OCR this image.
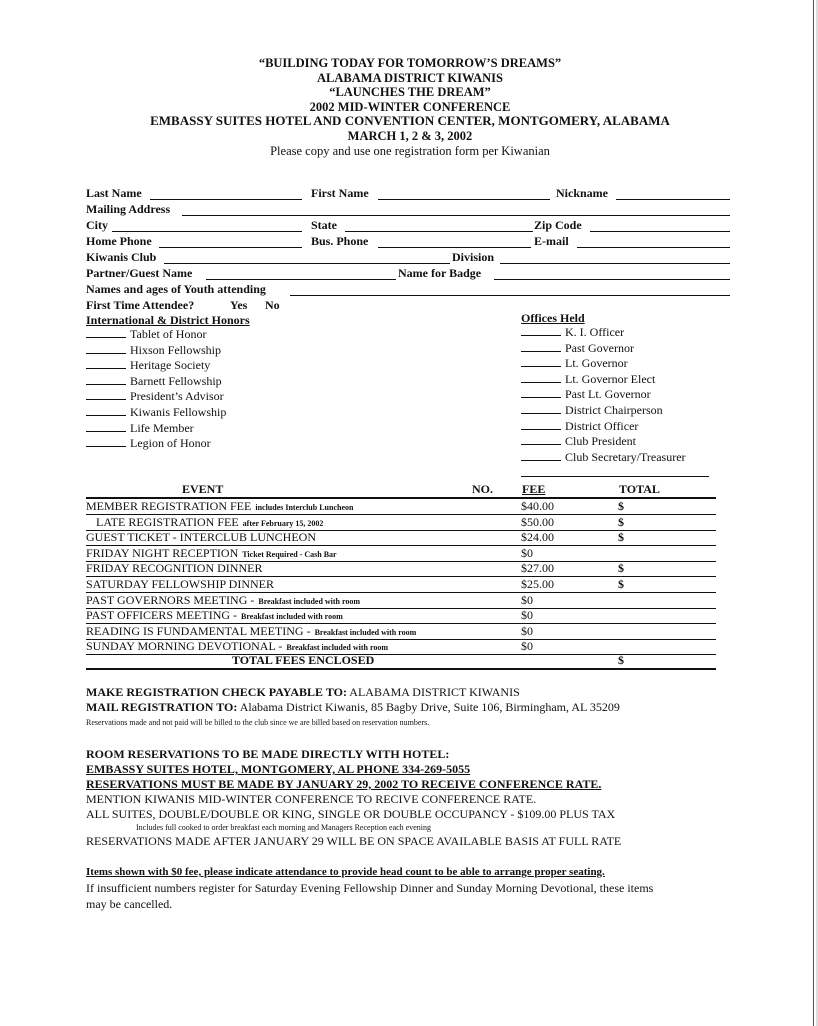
“BUILDING TODAY FOR TOMORROW’S DREAMS”
ALABAMA DISTRICT KIWANIS
“LAUNCHES THE DREAM”
2002 MID-WINTER CONFERENCE
EMBASSY SUITES HOTEL AND CONVENTION CENTER, MONTGOMERY, ALABAMA
MARCH 1, 2 & 3, 2002
Please copy and use one registration form per Kiwanian
Last Name	First Name	Nickname
Mailing Address
City	State	Zip Code
Home Phone	Bus. Phone	E-mail
Kiwanis Club	Division
Partner/Guest Name	Name for Badge
Names and ages of Youth attending
First Time Attendee?	Yes No
International & District Honors
Tablet of Honor
Hixson Fellowship
Heritage Society
Barnett Fellowship
President’s Advisor
Kiwanis Fellowship
Life Member
Legion of Honor
Offices Held
K. I. Officer
Past Governor
Lt. Governor
Lt. Governor Elect
Past Lt. Governor
District Chairperson
District Officer
Club President
Club Secretary/Treasurer
EVENT	NO. FEE	TOTAL
MEMBER REGISTRATION FEE includes Interclub Luncheon	$40.00	$
LATE REGISTRATION FEE after February 15, 2002	$50.00	$
GUEST TICKET - INTERCLUB LUNCHEON	$24.00	$
FRIDAY NIGHT RECEPTION Ticket Required - Cash Bar	$0
FRIDAY RECOGNITION DINNER	$27.00	$
SATURDAY FELLOWSHIP DINNER	$25.00	$
PAST GOVERNORS MEETING - Breakfast included with room	$0
PAST OFFICERS MEETING - Breakfast included with room	$0
READING IS FUNDAMENTAL MEETING - Breakfast included with room	$0
SUNDAY MORNING DEVOTIONAL - Breakfast included with room	$0
TOTAL FEES ENCLOSED	$
MAKE REGISTRATION CHECK PAYABLE TO: ALABAMA DISTRICT KIWANIS
MAIL REGISTRATION TO: Alabama District Kiwanis, 85 Bagby Drive, Suite 106, Birmingham, AL 35209
Reservations made and not paid will be billed to the club since we are billed based on reservation numbers.
ROOM RESERVATIONS TO BE MADE DIRECTLY WITH HOTEL:
EMBASSY SUITES HOTEL, MONTGOMERY, AL PHONE 334-269-5055
RESERVATIONS MUST BE MADE BY JANUARY 29, 2002 TO RECEIVE CONFERENCE RATE.
MENTION KIWANIS MID-WINTER CONFERENCE TO RECIVE CONFERENCE RATE.
ALL SUITES, DOUBLE/DOUBLE OR KING, SINGLE OR DOUBLE OCCUPANCY - $109.00 PLUS TAX
Includes full cooked to order breakfast each morning and Managers Reception each evening
RESERVATIONS MADE AFTER JANUARY 29 WILL BE ON SPACE AVAILABLE BASIS AT FULL RATE
Items shown with $0 fee, please indicate attendance to provide head count to be able to arrange proper seating.
If insufficient numbers register for Saturday Evening Fellowship Dinner and Sunday Morning Devotional, these items
may be cancelled.
